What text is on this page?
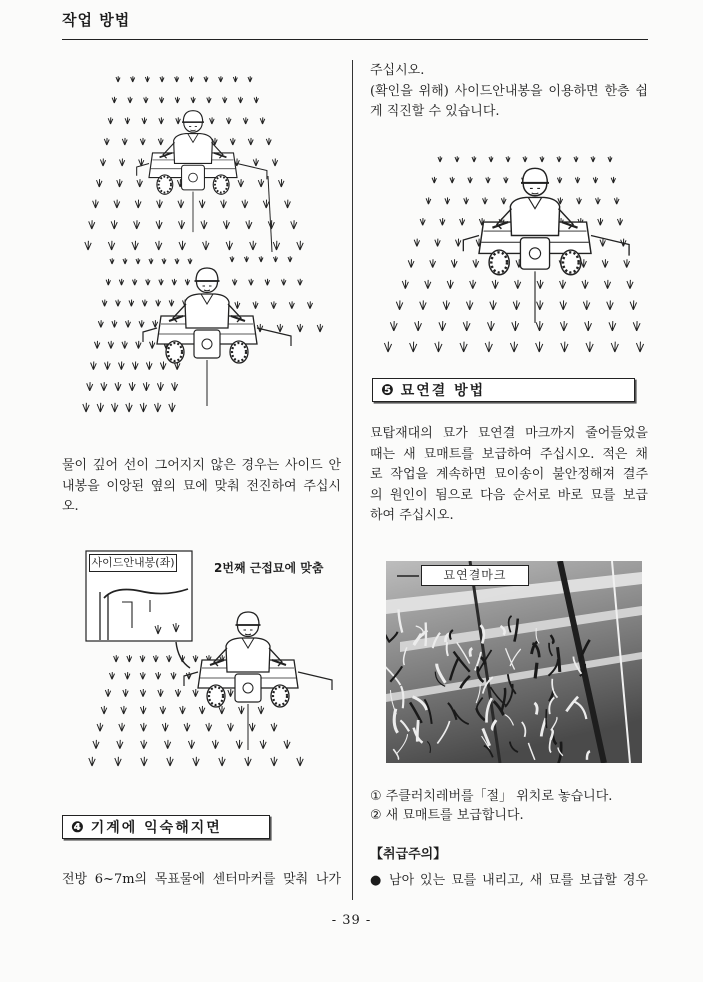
작업 방법
물이 깊어 선이 그어지지 않은 경우는 사이드 안
내봉을 이앙된 옆의 묘에 맞춰 전진하여 주십시
오.
사이드안내봉(좌)	2번째 근접묘에 맞춤
❹ 기계에 익숙해지면
전방 6~7m의 목표물에 센터마커를 맞춰 나가
주십시오.
(확인을 위해) 사이드안내봉을 이용하면 한층 쉽
게 직진할 수 있습니다.
❺ 묘연결 방법
묘탑재대의 묘가 묘연결 마크까지 줄어들었을
때는 새 묘매트를 보급하여 주십시오. 적은 채
로 작업을 계속하면 묘이송이 불안정해져 결주
의 원인이 됨으로 다음 순서로 바로 묘를 보급
하여 주십시오.
묘연결마크
① 주클러치레버를「절」 위치로 놓습니다.
② 새 묘매트를 보급합니다.
【취급주의】
● 남아 있는 묘를 내리고, 새 묘를 보급할 경우
- 39 -
